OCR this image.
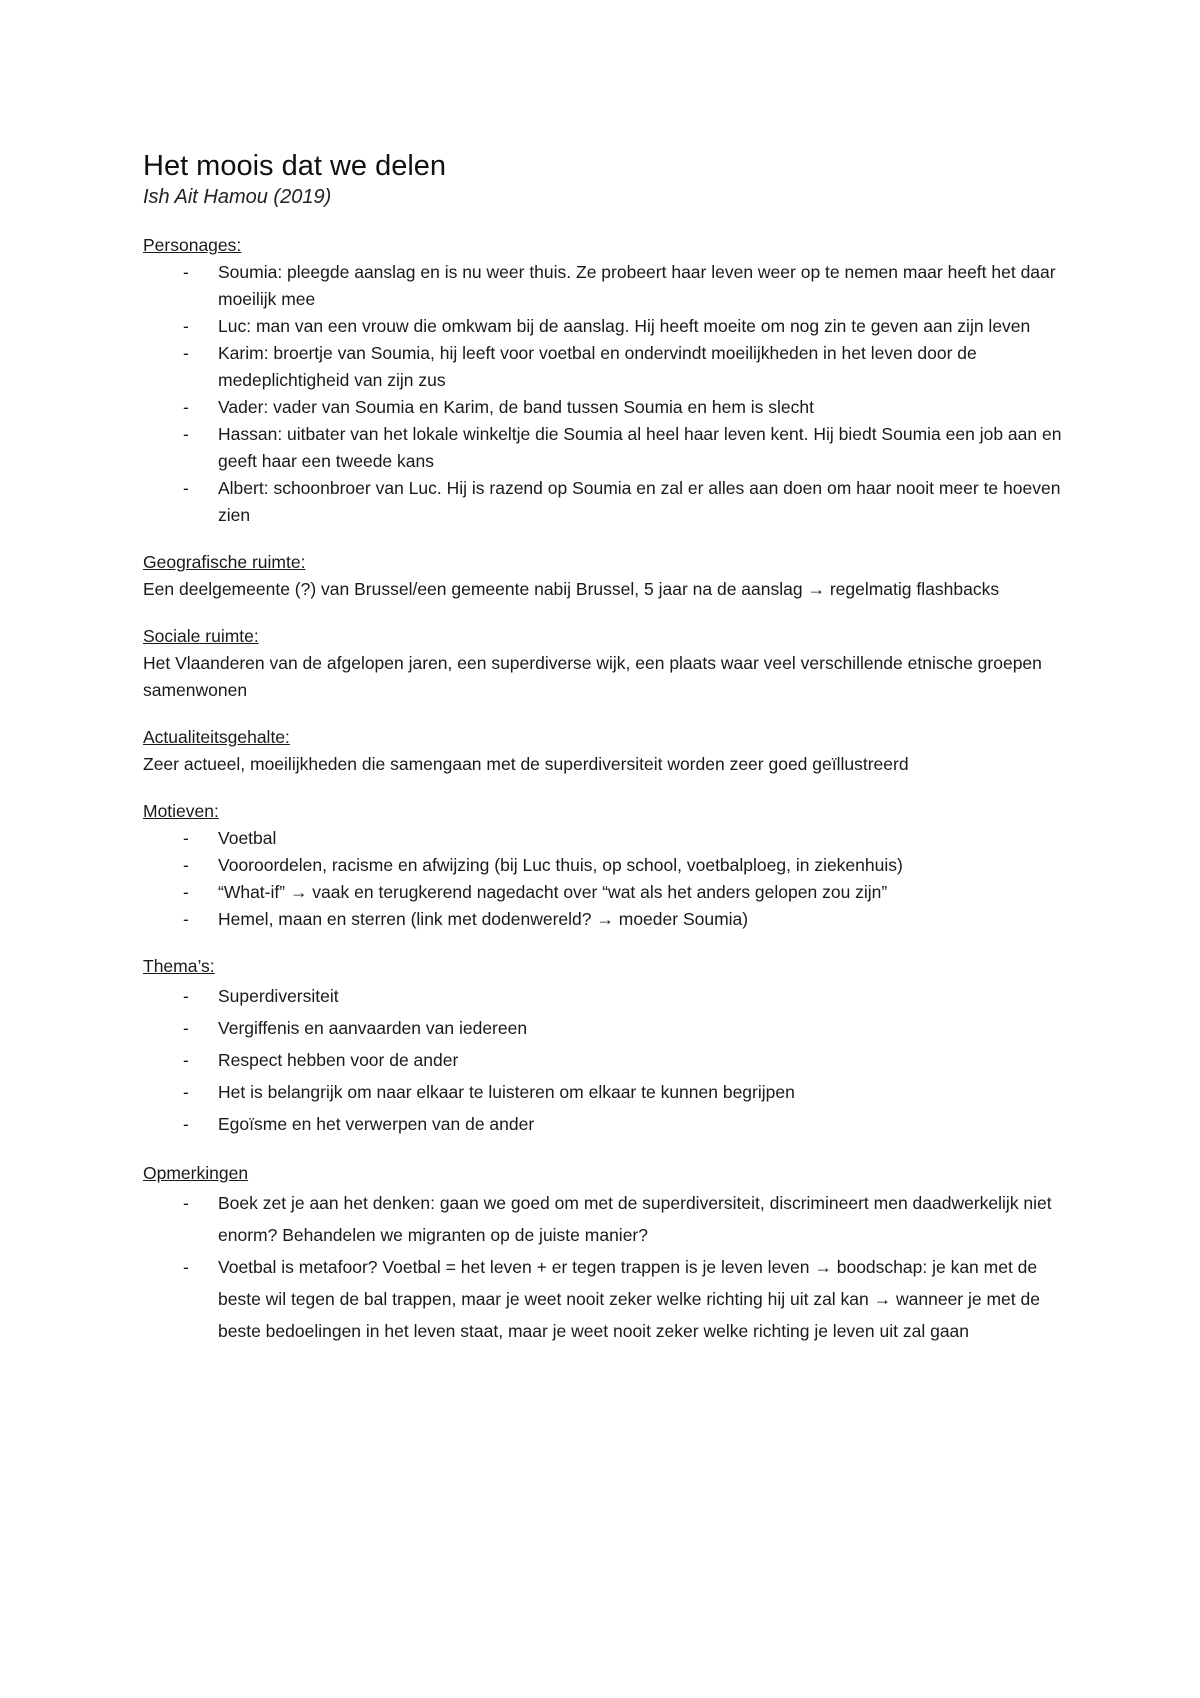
Het moois dat we delen

Ish Ait Hamou (2019)

Personages:

- Soumia: pleegde aanslag en is nu weer thuis. Ze probeert haar leven weer op te nemen maar heeft het daar moeilijk mee
- Luc: man van een vrouw die omkwam bij de aanslag. Hij heeft moeite om nog zin te geven aan zijn leven
- Karim: broertje van Soumia, hij leeft voor voetbal en ondervindt moeilijkheden in het leven door de medeplichtigheid van zijn zus
- Vader: vader van Soumia en Karim, de band tussen Soumia en hem is slecht
- Hassan: uitbater van het lokale winkeltje die Soumia al heel haar leven kent. Hij biedt Soumia een job aan en geeft haar een tweede kans
- Albert: schoonbroer van Luc. Hij is razend op Soumia en zal er alles aan doen om haar nooit meer te hoeven zien

Geografische ruimte:

Een deelgemeente (?) van Brussel/een gemeente nabij Brussel, 5 jaar na de aanslag → regelmatig flashbacks

Sociale ruimte:

Het Vlaanderen van de afgelopen jaren, een superdiverse wijk, een plaats waar veel verschillende etnische groepen samenwonen

Actualiteitsgehalte:

Zeer actueel, moeilijkheden die samengaan met de superdiversiteit worden zeer goed geïllustreerd

Motieven:

- Voetbal
- Vooroordelen, racisme en afwijzing (bij Luc thuis, op school, voetbalploeg, in ziekenhuis)
- “What-if” → vaak en terugkerend nagedacht over “wat als het anders gelopen zou zijn”
- Hemel, maan en sterren (link met dodenwereld? → moeder Soumia)

Thema’s:

- Superdiversiteit
- Vergiffenis en aanvaarden van iedereen
- Respect hebben voor de ander
- Het is belangrijk om naar elkaar te luisteren om elkaar te kunnen begrijpen
- Egoïsme en het verwerpen van de ander

Opmerkingen

- Boek zet je aan het denken: gaan we goed om met de superdiversiteit, discrimineert men daadwerkelijk niet enorm? Behandelen we migranten op de juiste manier?
- Voetbal is metafoor? Voetbal = het leven + er tegen trappen is je leven leven → boodschap: je kan met de beste wil tegen de bal trappen, maar je weet nooit zeker welke richting hij uit zal kan → wanneer je met de beste bedoelingen in het leven staat, maar je weet nooit zeker welke richting je leven uit zal gaan
